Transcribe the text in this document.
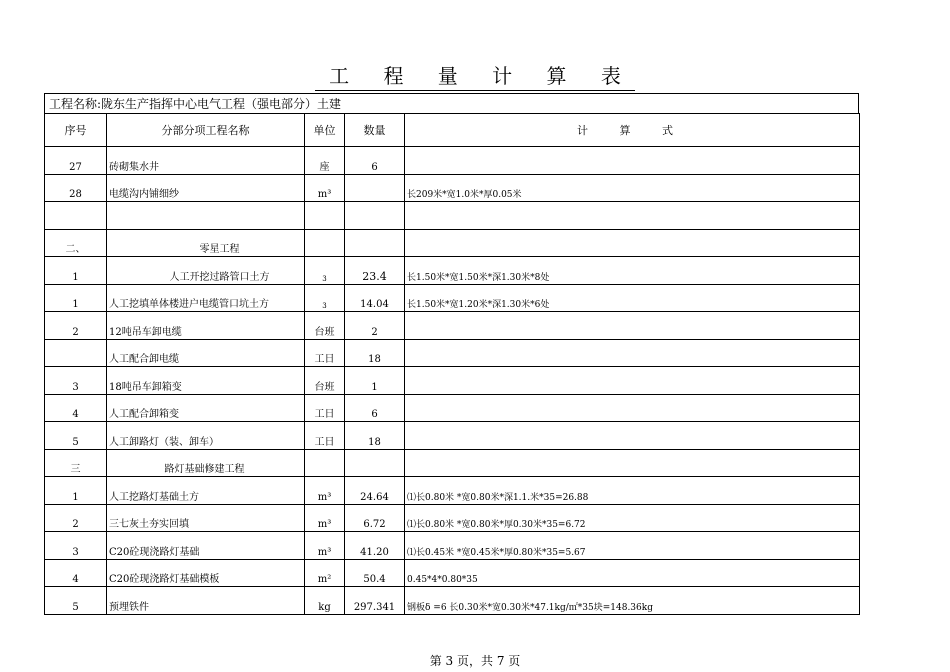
工 程 量 计 算 表
工程名称:陇东生产指挥中心电气工程（强电部分）土建
序号	分部分项工程名称	单位	数量	计 算 式
27	砖砌集水井	座	6	
28	电缆沟内铺细纱	m³		长209米*宽1.0米*厚0.05米

二、	零星工程			
1	人工开挖过路管口土方	3	23.4	长1.50米*宽1.50米*深1.30米*8处
1	人工挖填单体楼进户电缆管口坑土方	3	14.04	长1.50米*宽1.20米*深1.30米*6处
2	12吨吊车卸电缆	台班	2	
	人工配合卸电缆	工日	18	
3	18吨吊车卸箱变	台班	1	
4	人工配合卸箱变	工日	6	
5	人工卸路灯（装、卸车）	工日	18	
三	路灯基础修建工程			
1	人工挖路灯基础土方	m³	24.64	⑴长0.80米 *宽0.80米*深1.1.米*35=26.88
2	三七灰土夯实回填	m³	6.72	⑴长0.80米 *宽0.80米*厚0.30米*35=6.72
3	C20砼现浇路灯基础	m³	41.20	⑴长0.45米 *宽0.45米*厚0.80米*35=5.67
4	C20砼现浇路灯基础模板	m²	50.4	0.45*4*0.80*35
5	预埋铁件	kg	297.341	钢板δ =6 长0.30米*宽0.30米*47.1kg/㎡*35块=148.36kg
第 3 页，共 7 页
